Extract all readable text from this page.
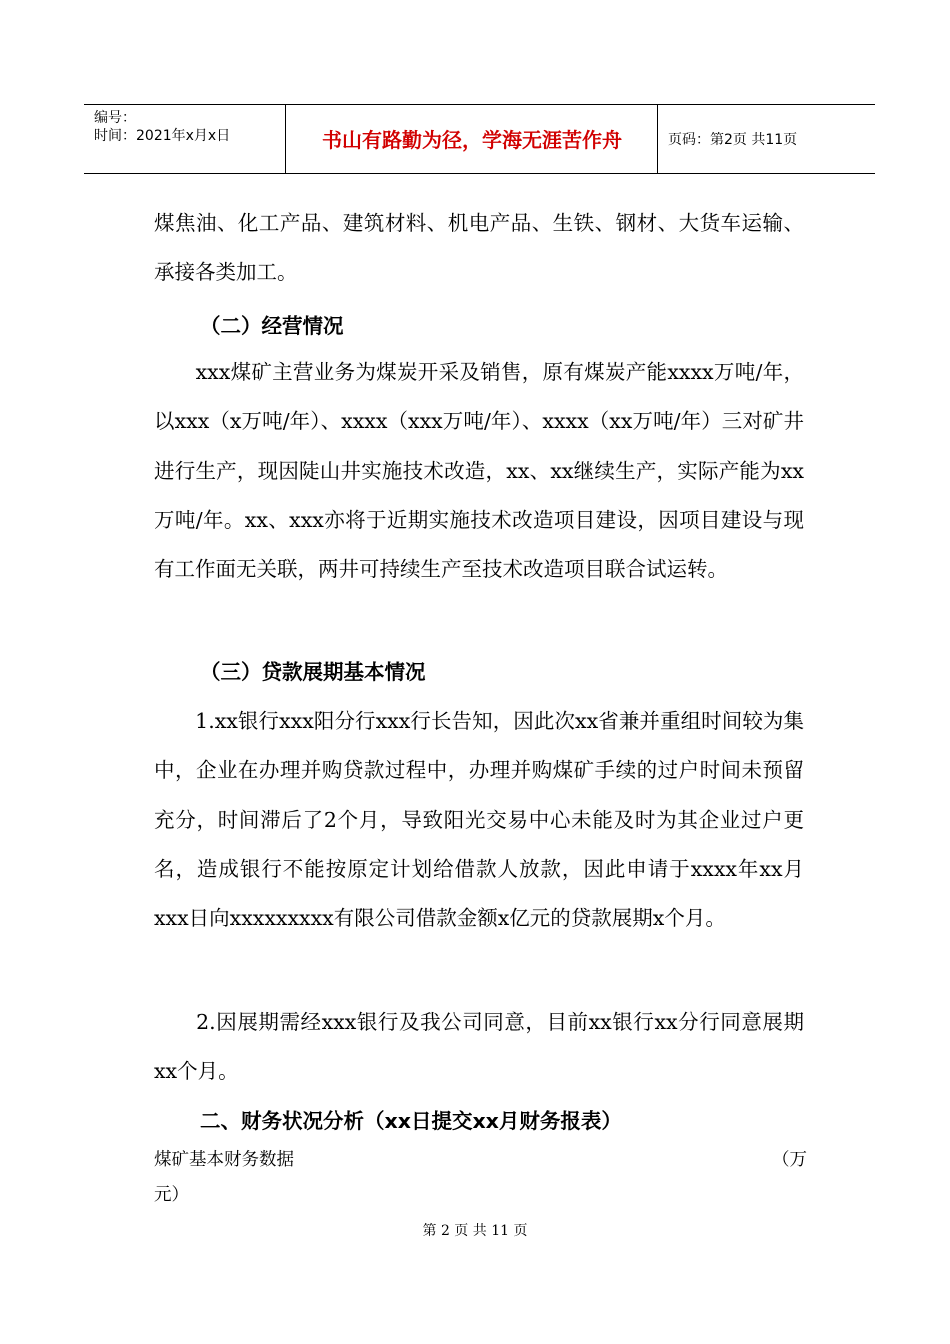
编号：
时间：2021年x月x日	书山有路勤为径，学海无涯苦作舟	页码：第2页 共11页
煤焦油、化工产品、建筑材料、机电产品、生铁、钢材、大货车运输、承接各类加工。
（二）经营情况
　　xxx煤矿主营业务为煤炭开采及销售，原有煤炭产能xxxx万吨/年，以xxx（x万吨/年）、xxxx（xxx万吨/年）、xxxx（xx万吨/年）三对矿井进行生产，现因陡山井实施技术改造，xx、xx继续生产，实际产能为xx万吨/年。xx、xxx亦将于近期实施技术改造项目建设，因项目建设与现有工作面无关联，两井可持续生产至技术改造项目联合试运转。
（三）贷款展期基本情况
　　1.xx银行xxx阳分行xxx行长告知，因此次xx省兼并重组时间较为集中，企业在办理并购贷款过程中，办理并购煤矿手续的过户时间未预留充分，时间滞后了2个月，导致阳光交易中心未能及时为其企业过户更名，造成银行不能按原定计划给借款人放款，因此申请于xxxx年xx月xxx日向xxxxxxxxx有限公司借款金额x亿元的贷款展期x个月。
　　2.因展期需经xxx银行及我公司同意，目前xx银行xx分行同意展期xx个月。
二、财务状况分析（xx日提交xx月财务报表）
煤矿基本财务数据	（万
元）
第 2 页 共 11 页
